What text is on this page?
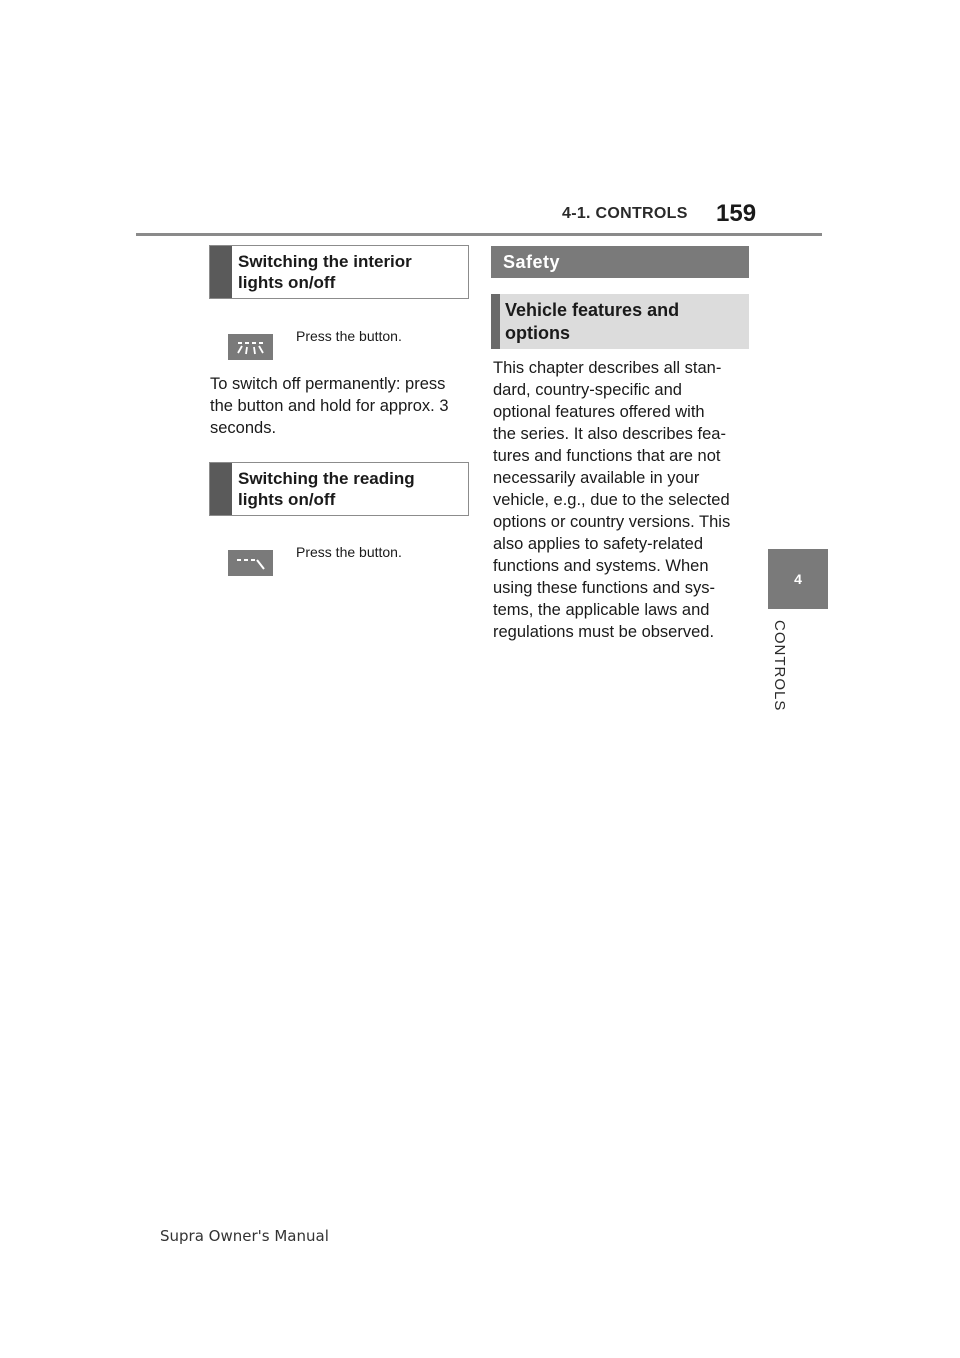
4-1. CONTROLS 159
4
CONTROLS
Switching the interior
lights on/off
Press the button.
To switch off permanently: press the button and hold for approx. 3 seconds.
Switching the reading
lights on/off
Press the button.
Safety
Vehicle features and
options
This chapter describes all stan-
dard, country-specific and
optional features offered with
the series. It also describes fea-
tures and functions that are not
necessarily available in your
vehicle, e.g., due to the selected
options or country versions. This
also applies to safety-related
functions and systems. When
using these functions and sys-
tems, the applicable laws and
regulations must be observed.
Supra Owner's Manual
